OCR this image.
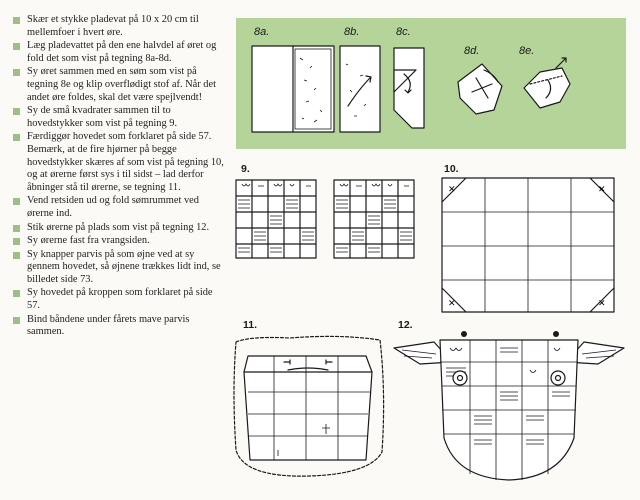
Skær et stykke pladevat på 10 x 20 cm til mellemfoer i hvert øre.
Læg pladevattet på den ene halvdel af øret og fold det som vist på tegning 8a-8d.
Sy øret sammen med en søm som vist på tegning 8e og klip overflødigt stof af. Når det andet øre foldes, skal det være spejlvendt!
Sy de små kvadrater sammen til to hovedstykker som vist på tegning 9.
Færdiggør hovedet som forklaret på side 57. Bemærk, at de fire hjørner på begge hovedstykker skæres af som vist på tegning 10, og at ørerne først sys i til sidst – lad derfor åbninger stå til ørerne, se tegning 11.
Vend retsiden ud og fold sømrummet ved ørerne ind.
Stik ørerne på plads som vist på tegning 12.
Sy ørerne fast fra vrangsiden.
Sy knapper parvis på som øjne ved at sy gennem hovedet, så øjnene trækkes lidt ind, se billedet side 73.
Sy hovedet på kroppen som forklaret på side 57.
Bind båndene under fårets mave parvis sammen.
8a.	8b.	8c.
8d.	8e.
9.	10.
✕	✕
✕	✕
11.	12.
